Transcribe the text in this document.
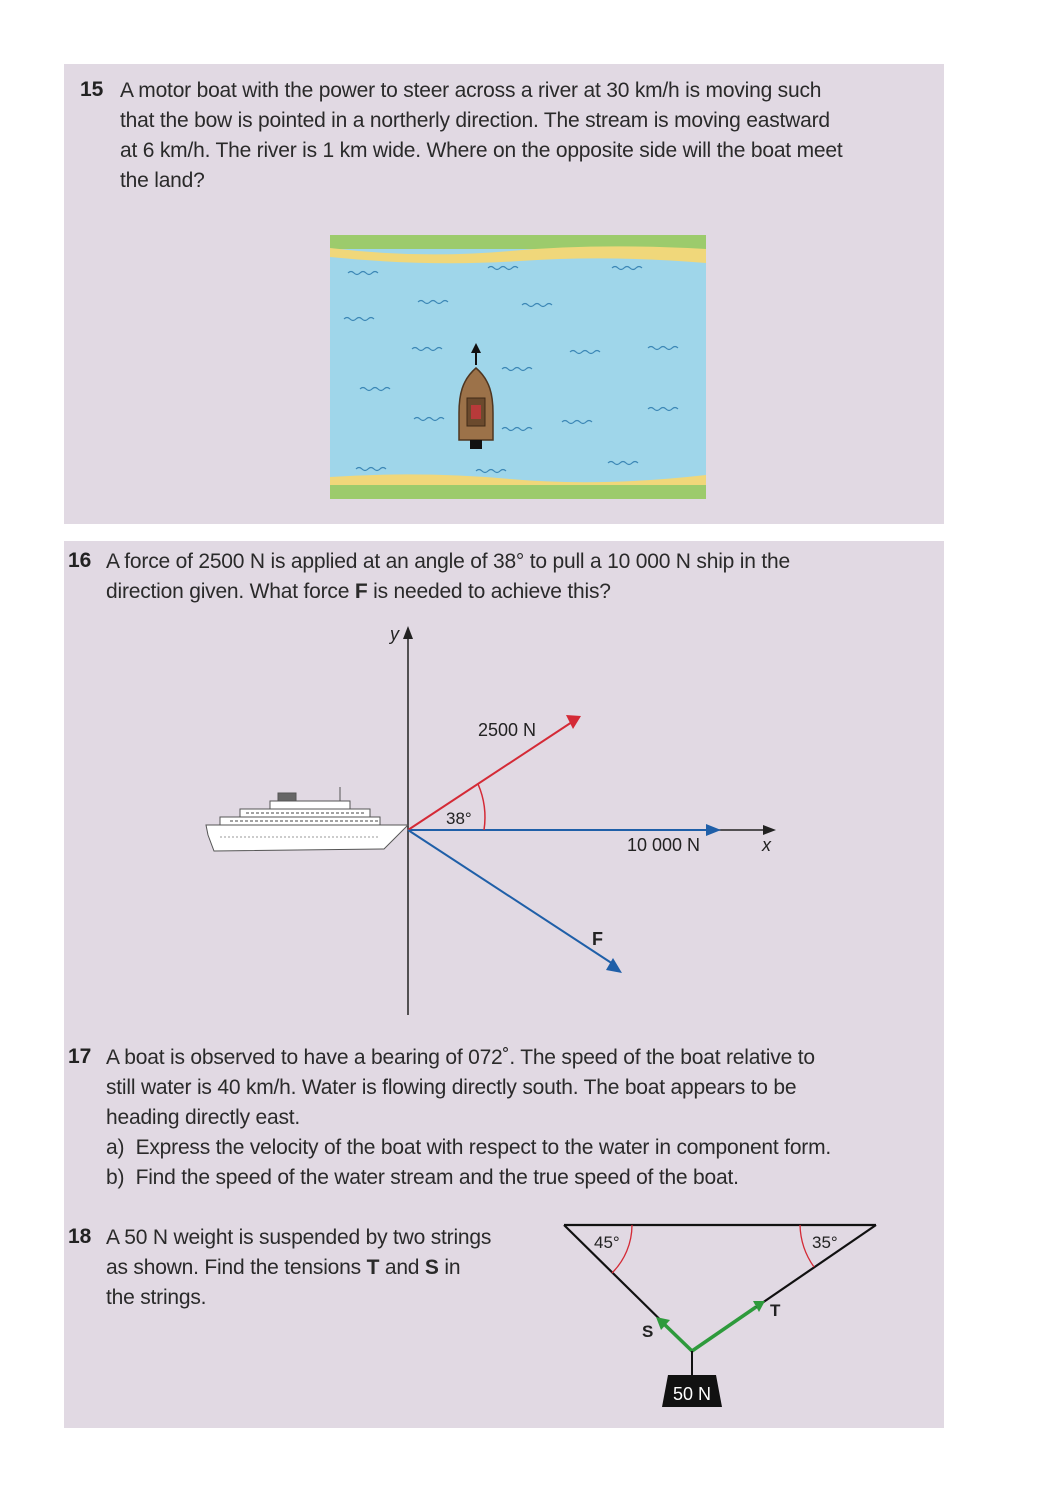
15 A motor boat with the power to steer across a river at 30 km/h is moving such
that the bow is pointed in a northerly direction. The stream is moving eastward
at 6 km/h. The river is 1 km wide. Where on the opposite side will the boat meet
the land?
16 A force of 2500 N is applied at an angle of 38° to pull a 10 000 N ship in the
direction given. What force F is needed to achieve this?
y
x
10 000 N
2500 N
38°
F
17 A boat is observed to have a bearing of 072˚. The speed of the boat relative to
still water is 40 km/h. Water is flowing directly south. The boat appears to be
heading directly east.
a) Express the velocity of the boat with respect to the water in component form.
b) Find the speed of the water stream and the true speed of the boat.
18 A 50 N weight is suspended by two strings
as shown. Find the tensions T and S in
the strings.
45°	35°
S
T
50 N
